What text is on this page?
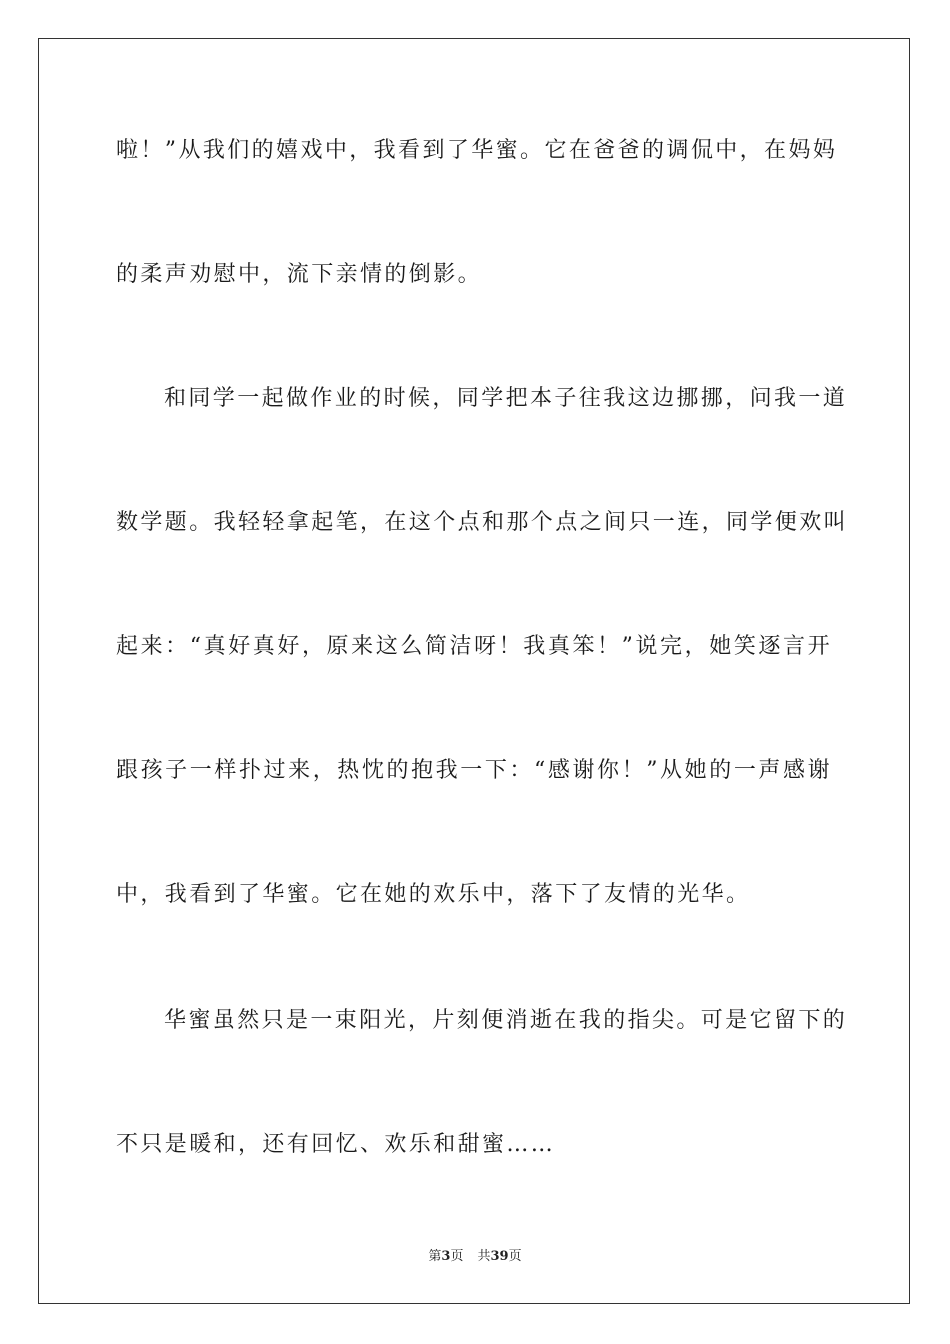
啦！”从我们的嬉戏中，我看到了华蜜。它在爸爸的调侃中，在妈妈
的柔声劝慰中，流下亲情的倒影。
和同学一起做作业的时候，同学把本子往我这边挪挪，问我一道
数学题。我轻轻拿起笔，在这个点和那个点之间只一连，同学便欢叫
起来：“真好真好，原来这么简洁呀！我真笨！”说完，她笑逐言开
跟孩子一样扑过来，热忱的抱我一下：“感谢你！”从她的一声感谢
中，我看到了华蜜。它在她的欢乐中，落下了友情的光华。
华蜜虽然只是一束阳光，片刻便消逝在我的指尖。可是它留下的
不只是暖和，还有回忆、欢乐和甜蜜……
第3页 共39页
